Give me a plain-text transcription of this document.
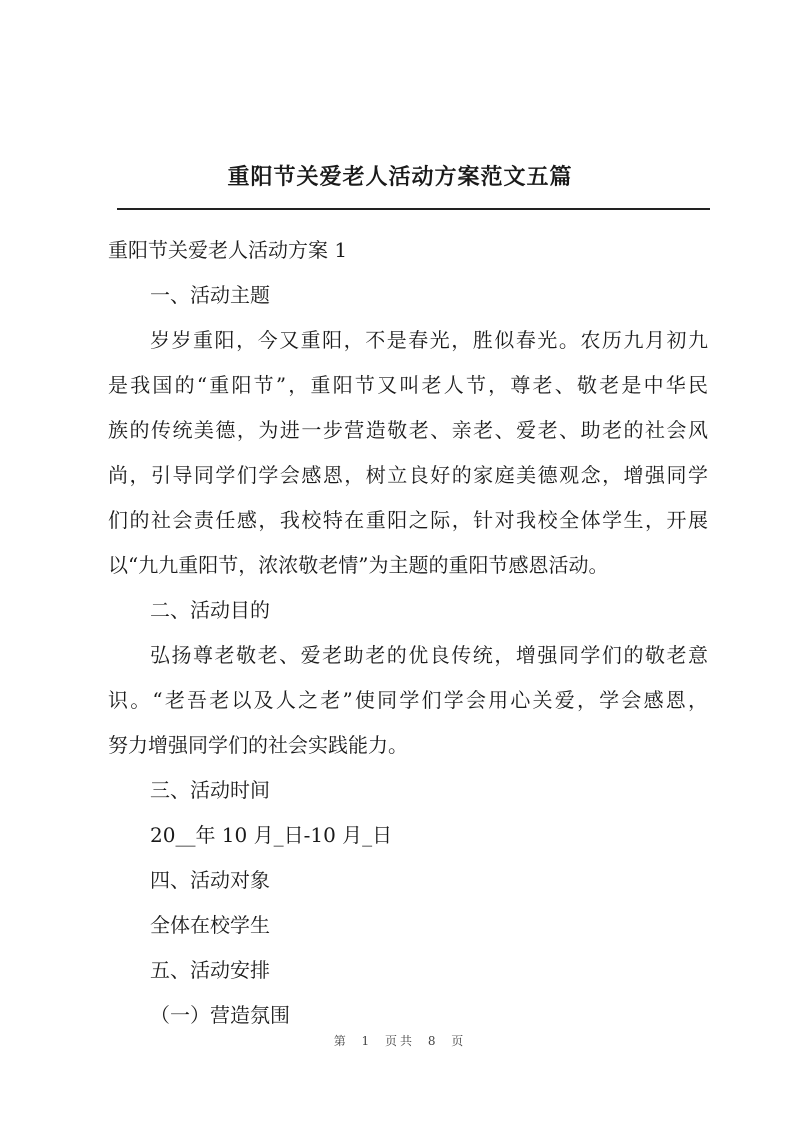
重阳节关爱老人活动方案范文五篇
重阳节关爱老人活动方案 1
一、活动主题
岁岁重阳，今又重阳，不是春光，胜似春光。农历九月初九
是我国的“重阳节”，重阳节又叫老人节，尊老、敬老是中华民
族的传统美德，为进一步营造敬老、亲老、爱老、助老的社会风
尚，引导同学们学会感恩，树立良好的家庭美德观念，增强同学
们的社会责任感，我校特在重阳之际，针对我校全体学生，开展
以“九九重阳节，浓浓敬老情”为主题的重阳节感恩活动。
二、活动目的
弘扬尊老敬老、爱老助老的优良传统，增强同学们的敬老意
识。“老吾老以及人之老”使同学们学会用心关爱，学会感恩，
努力增强同学们的社会实践能力。
三、活动时间
20__年 10 月_日-10 月_日
四、活动对象
全体在校学生
五、活动安排
（一）营造氛围
第 1 页共 8 页
